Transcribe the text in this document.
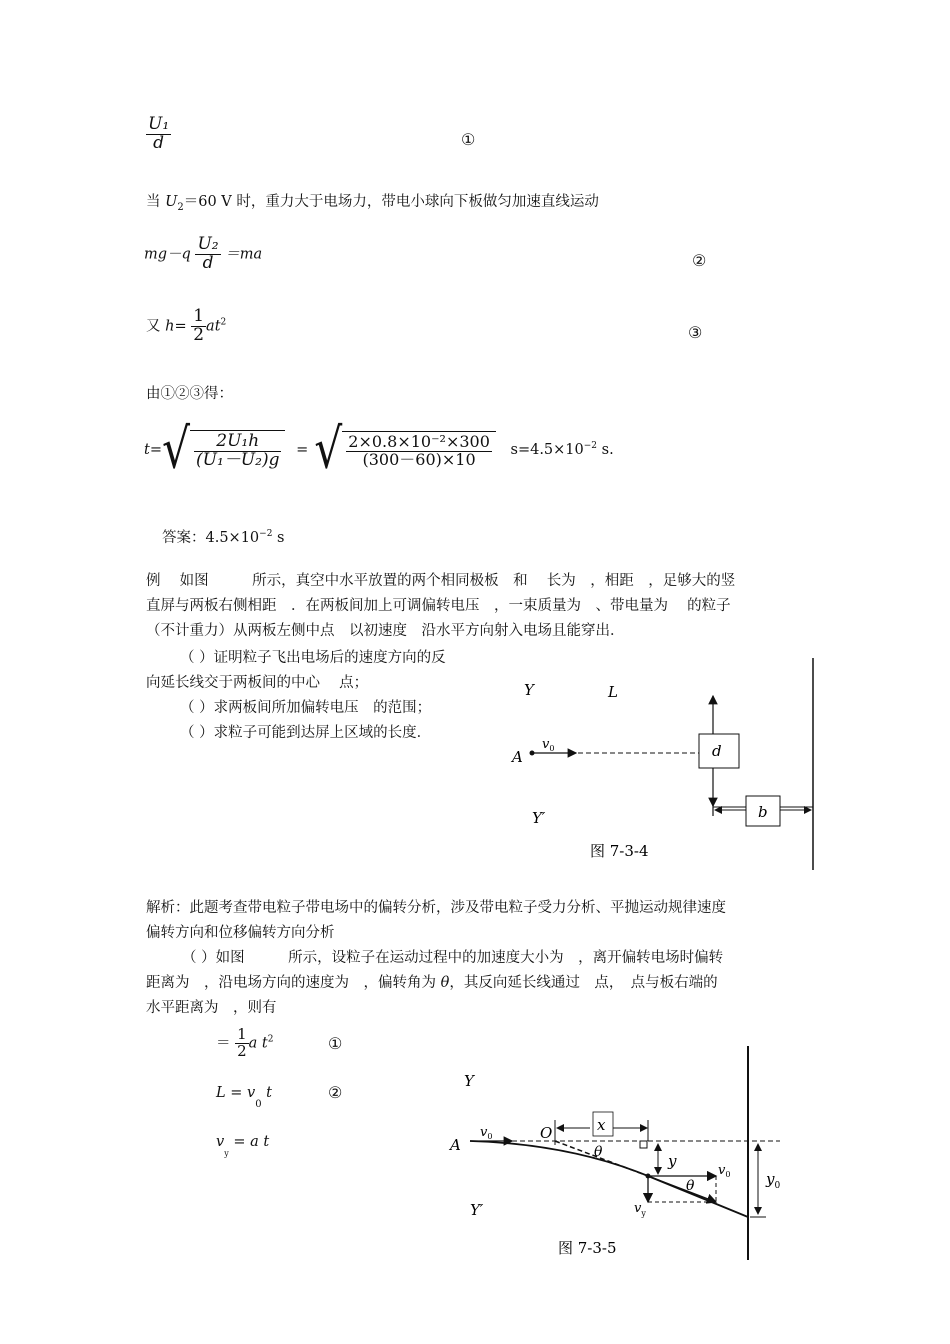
$\frac{\text{U₁}}{d}$	①
当 $U_2=60$ V 时，重力大于电场力，带电小球向下板做匀加速直线运动
$mg-q \frac{\text{U₂}}{d} =ma$	②
又 $h= \frac{1}{2} at^2$
③
由①②③得：
$t=√ \frac{\text{2U₁h}}{\text{(U₁－U₂)g}}$ = √ $\frac{\text{2×0.8×10⁻²×300}}{(300-60)\times 10} s=4.5\times 10^{-2}$ s.
答案：$4.5\times 10^{-2}$ s
例　 如图　　　所示，真空中水平放置的两个相同极板　和　 长为　，相距　，足够大的竖
直屏与两板右侧相距　．在两板间加上可调偏转电压　，一束质量为　、带电量为　 的粒子
（不计重力）从两板左侧中点　以初速度　沿水平方向射入电场且能穿出．
（ ）证明粒子飞出电场后的速度方向的反
向延长线交于两板间的中心　 点；
（ ）求两板间所加偏转电压　的范围；
（ ）求粒子可能到达屏上区域的长度．
Y	L
d
A
$v_0$
Y′	b
图 7-3-4
解析：此题考查带电粒子带电场中的偏转分析，涉及带电粒子受力分析、平抛运动规律速度
偏转方向和位移偏转方向分析
（ ）如图　　　所示，设粒子在运动过程中的加速度大小为　，离开偏转电场时偏转
距离为　，沿电场方向的速度为　，偏转角为 θ，其反向延长线通过　点，　点与板右端的
水平距离为　，则有
＝ $\frac{1}{2}$ a $t^2$	①
$L = v_0$ t	②
$v_y = a$ t
Y
A
$v_0$	O	x
θ	y
$v_0$
$v_y$
θ	$y_0$
Y′
图 7-3-5
